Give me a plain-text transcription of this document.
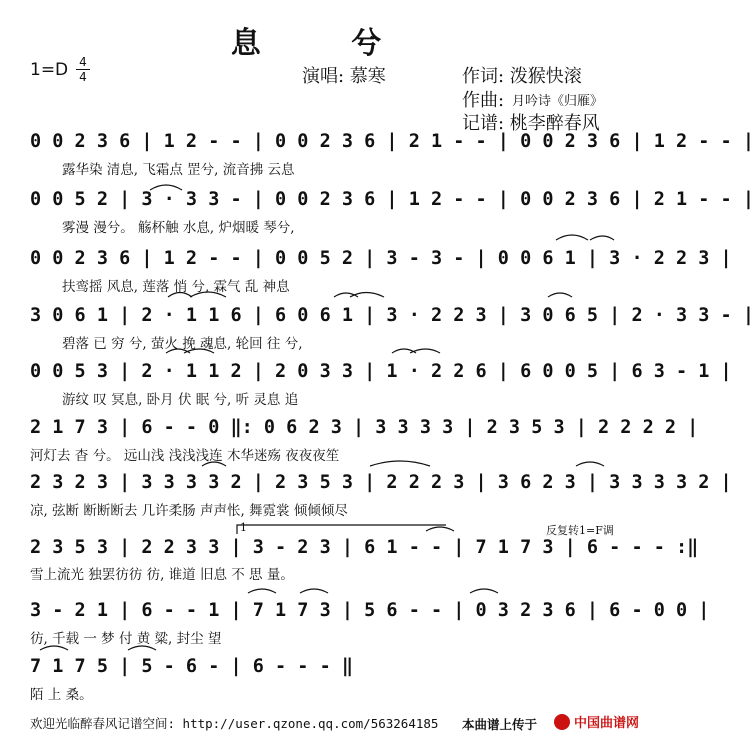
息 兮
1=D 4
4	演唱: 慕寒	作词: 泼猴快滚
作曲: 月吟诗《归雁》
记谱: 桃李醉春风
0 0 2 3 6 | 1 2 - - | 0 0 2 3 6 | 2 1 - - | 0 0 2 3 6 | 1 2 - - |
露华染 清息, 飞霜点 罡兮, 流音拂 云息
0 0 5 2 | 3 · 3 3 - | 0 0 2 3 6 | 1 2 - - | 0 0 2 3 6 | 2 1 - - |
雾漫 漫兮。 觞杯触 水息, 炉烟暖 琴兮,
0 0 2 3 6 | 1 2 - - | 0 0 5 2 | 3 - 3 - | 0 0 6 1 | 3 · 2 2 3 |
扶鸾摇 风息, 莲落 悄 兮, 霖气 乱 神息
3 0 6 1 | 2 · 1 1 6 | 6 0 6 1 | 3 · 2 2 3 | 3 0 6 5 | 2 · 3 3 - |
碧落 已 穷 兮, 萤火 挽 魂息, 轮回 往 兮,
0 0 5 3 | 2 · 1 1 2 | 2 0 3 3 | 1 · 2 2 6 | 6 0 0 5 | 6 3 - 1 |
游纹 叹 冥息, 卧月 伏 眠 兮, 听 灵息 追
2 1 7 3 | 6 - - 0 ‖: 0 6 2 3 | 3 3 3 3 | 2 3 5 3 | 2 2 2 2 |
河灯去 杳 兮。 远山浅 浅浅浅连 木华迷殇 夜夜夜笙
2 3 2 3 | 3 3 3 3 2 | 2 3 5 3 | 2 2 2 3 | 3 6 2 3 | 3 3 3 3 2 |
凉, 弦断 断断断去 几许柔肠 声声怅, 舞霓裳 倾倾倾尽
反复转1=F调
1
2 3 5 3 | 2 2 3 3 | 3 - 2 3 | 6 1 - - | 7 1 7 3 | 6 - - - :‖
雪上流光 独罢彷彷 彷, 谁道 旧息 不 思 量。
3 - 2 1 | 6 - - 1 | 7 1 7 3 | 5 6 - - | 0 3 2 3 6 | 6 - 0 0 |
彷, 千载 一 梦 付 黄 粱, 封尘 望
7 1 7 5 | 5 - 6 - | 6 - - - ‖
陌 上 桑。
欢迎光临醉春风记谱空间: http://user.qzone.qq.com/563264185 本曲谱上传于	中国曲谱网
